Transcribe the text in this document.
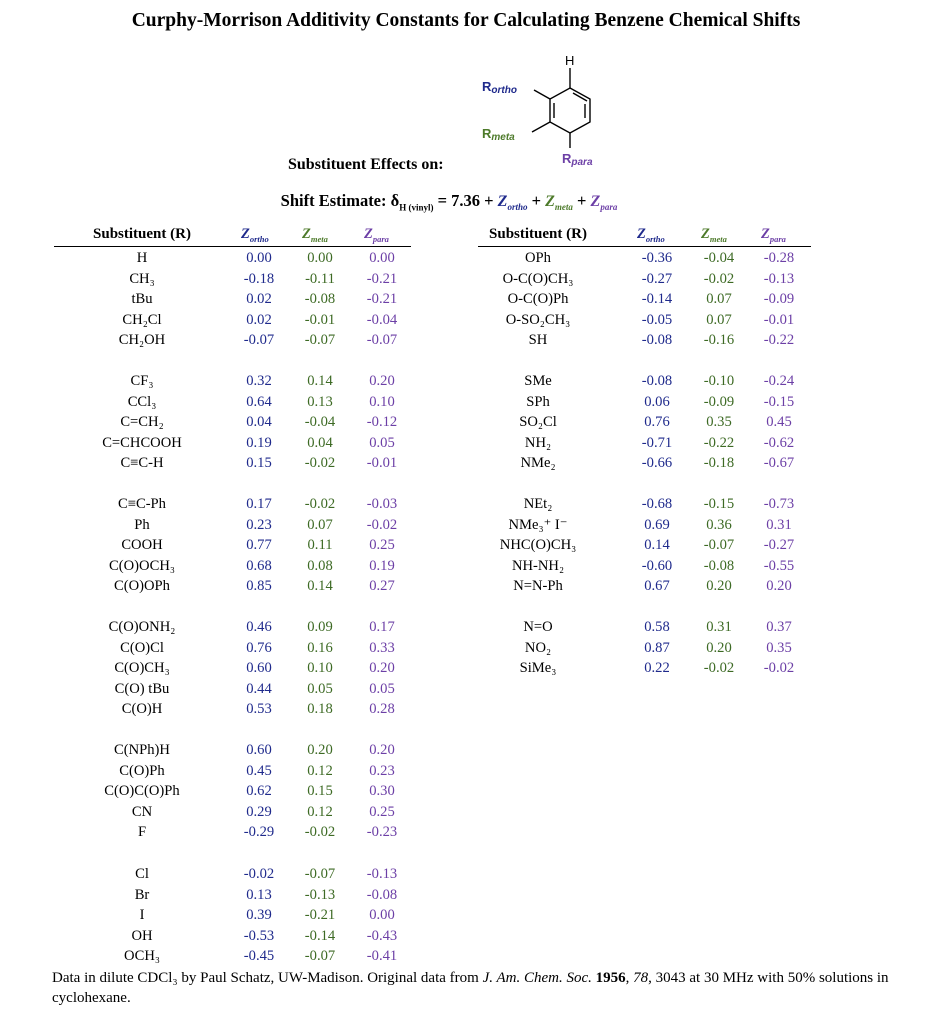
Curphy-Morrison Additivity Constants for Calculating Benzene Chemical Shifts
H
Rortho
Rmeta
Rpara
Substituent Effects on:
Shift Estimate: $\delta_{H (vinyl)} = 7.36 + Z_{ortho} + Z_{meta} + Z_{para}$
Substituent (R)	$Z_{ortho}$ $Z_{meta}$ $Z_{para}$	Substituent (R)	$Z_{ortho}$ $Z_{meta}$ $Z_{para}$
H	0.00	0.00	0.00
CH₃	-0.18	-0.11	-0.21
tBu	0.02	-0.08	-0.21
CH₂Cl	0.02	-0.01	-0.04
CH₂OH	-0.07	-0.07	-0.07
CF₃	0.32	0.14	0.20
CCl₃	0.64	0.13	0.10
C=CH₂	0.04	-0.04	-0.12
C=CHCOOH	0.19	0.04	0.05
C≡C-H	0.15	-0.02	-0.01
C≡C-Ph	0.17	-0.02	-0.03
Ph	0.23	0.07	-0.02
COOH	0.77	0.11	0.25
C(O)OCH₃	0.68	0.08	0.19
C(O)OPh	0.85	0.14	0.27
C(O)ONH₂	0.46	0.09	0.17
C(O)Cl	0.76	0.16	0.33
C(O)CH₃	0.60	0.10	0.20
C(O) tBu	0.44	0.05	0.05
C(O)H	0.53	0.18	0.28
C(NPh)H	0.60	0.20	0.20
C(O)Ph	0.45	0.12	0.23
C(O)C(O)Ph	0.62	0.15	0.30
CN	0.29	0.12	0.25
F	-0.29	-0.02	-0.23
Cl	-0.02	-0.07	-0.13
Br	0.13	-0.13	-0.08
I	0.39	-0.21	0.00
OH	-0.53	-0.14	-0.43
OCH₃	-0.45	-0.07	-0.41
OPh	-0.36	-0.04	-0.28
O-C(O)CH₃	-0.27	-0.02	-0.13
O-C(O)Ph	-0.14	0.07	-0.09
O-SO₂CH₃	-0.05	0.07	-0.01
SH	-0.08	-0.16	-0.22
SMe	-0.08	-0.10	-0.24
SPh	0.06	-0.09	-0.15
SO₂Cl	0.76	0.35	0.45
NH₂	-0.71	-0.22	-0.62
NMe₂	-0.66	-0.18	-0.67
NEt₂	-0.68	-0.15	-0.73
NMe₃⁺ I⁻	0.69	0.36	0.31
NHC(O)CH₃	0.14	-0.07	-0.27
NH-NH₂	-0.60	-0.08	-0.55
N=N-Ph	0.67	0.20	0.20
N=O	0.58	0.31	0.37
NO₂	0.87	0.20	0.35
SiMe₃	0.22	-0.02	-0.02
Data in dilute CDCl₃ by Paul Schatz, UW-Madison. Original data from J. Am. Chem. Soc. 1956, 78, 3043 at 30 MHz with 50% solutions in cyclohexane.
